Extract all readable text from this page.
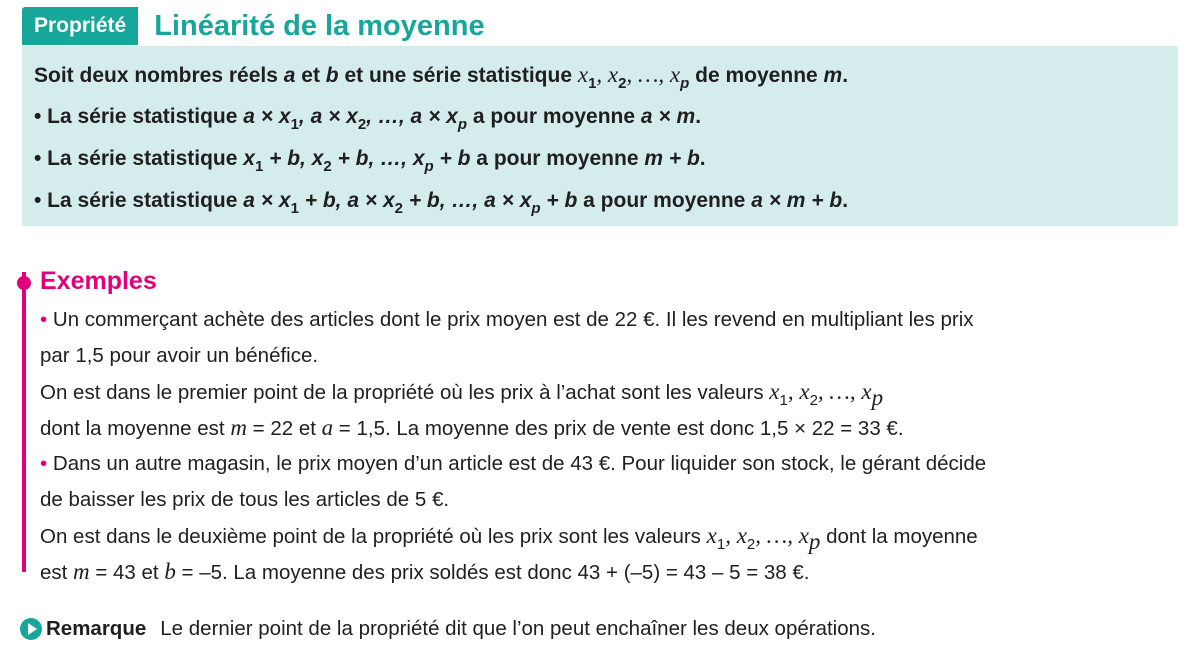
Propriété Linéarité de la moyenne
Soit deux nombres réels a et b et une série statistique $x_1$, $x_2$, …, $x_p$ de moyenne m.
• La série statistique $a \times x_1$, $a \times x_2$, …, $a \times x_p$ a pour moyenne a × m.
• La série statistique $x_1 + b$, $x_2 + b$, …, $x_p + b$ a pour moyenne m + b.
• La série statistique $a \times x_1 + b$, $a \times x_2 + b$, …, $a \times x_p + b$ a pour moyenne a × m + b.
Exemples
• Un commerçant achète des articles dont le prix moyen est de 22 €. Il les revend en multipliant les prix
par 1,5 pour avoir un bénéfice.
On est dans le premier point de la propriété où les prix à l’achat sont les valeurs $x_1$, $x_2$, …, $x_p$
dont la moyenne est m = 22 et a = 1,5. La moyenne des prix de vente est donc 1,5 × 22 = 33 €.
• Dans un autre magasin, le prix moyen d’un article est de 43 €. Pour liquider son stock, le gérant décide
de baisser les prix de tous les articles de 5 €.
On est dans le deuxième point de la propriété où les prix sont les valeurs $x_1$, $x_2$, …, $x_p$ dont la moyenne
est m = 43 et b = –5. La moyenne des prix soldés est donc 43 + (–5) = 43 – 5 = 38 €.
Remarque Le dernier point de la propriété dit que l’on peut enchaîner les deux opérations.
